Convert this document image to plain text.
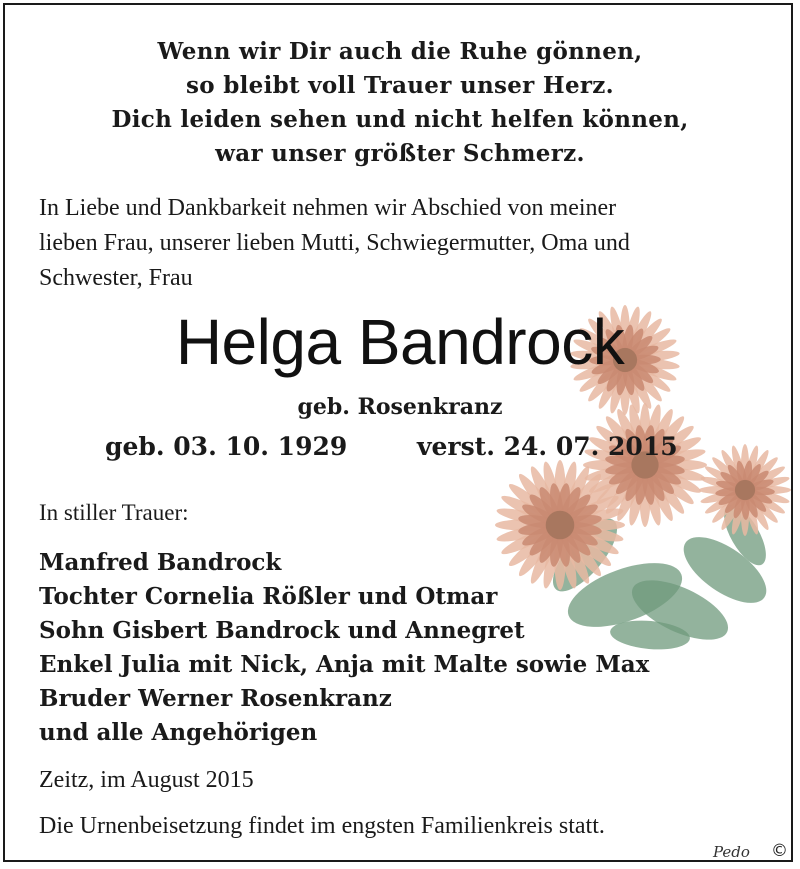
Wenn wir Dir auch die Ruhe gönnen,
so bleibt voll Trauer unser Herz.
Dich leiden sehen und nicht helfen können,
war unser größter Schmerz.
In Liebe und Dankbarkeit nehmen wir Abschied von meiner
lieben Frau, unserer lieben Mutti, Schwiegermutter, Oma und
Schwester, Frau
Helga Bandrock
geb. Rosenkranz
geb. 03. 10. 1929	verst. 24. 07. 2015
In stiller Trauer:
Manfred Bandrock
Tochter Cornelia Rößler und Otmar
Sohn Gisbert Bandrock und Annegret
Enkel Julia mit Nick, Anja mit Malte sowie Max
Bruder Werner Rosenkranz
und alle Angehörigen
Zeitz, im August 2015
Die Urnenbeisetzung findet im engsten Familienkreis statt.
Pedo ©
